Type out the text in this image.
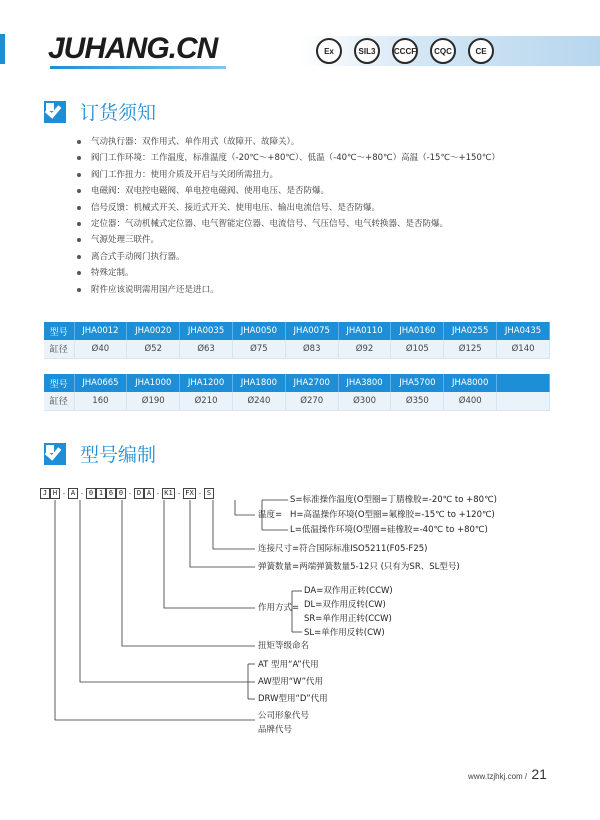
JUHANG.CN	Ex	SIL3	CCCF	CQC	CE
订货须知
气动执行器：双作用式、单作用式（故障开、故障关）。
阀门工作环境：工作温度，标准温度（-20℃～+80℃）、低温（-40℃～+80℃）高温（-15℃～+150℃）
阀门工作扭力：使用介质及开启与关闭所需扭力。
电磁阀：双电控电磁阀、单电控电磁阀、使用电压、是否防爆。
信号反馈：机械式开关、接近式开关、使用电压、输出电流信号、是否防爆。
定位器：气动机械式定位器、电气智能定位器、电流信号、气压信号、电气转换器、是否防爆。
气源处理三联件。
离合式手动阀门执行器。
特殊定制。
附件应该说明需用国产还是进口。
型号	JHA0012	JHA0020	JHA0035	JHA0050	JHA0075	JHA0110	JHA0160	JHA0255	JHA0435
缸径	Ø40	Ø52	Ø63	Ø75	Ø83	Ø92	Ø105	Ø125	Ø140
型号	JHA0665	JHA1000	JHA1200	JHA1800	JHA2700	JHA3800	JHA5700	JHA8000	
缸径	160	Ø190	Ø210	Ø240	Ø270	Ø300	Ø350	Ø400	
型号编制
J H - A - 0 1 6 0 - D A - K1 - FX - S
S=标准操作温度(O型圈=丁腈橡胶=-20℃ to +80℃)
温度= H=高温操作环境(O型圈=氟橡胶=-15℃ to +120℃)
L=低温操作环境(O型圈=硅橡胶=-40℃ to +80℃)
连接尺寸=符合国际标准ISO5211(F05-F25)
弹簧数量=两端弹簧数量5-12只 (只有为SR、SL型号)
DA=双作用正转(CCW)
DL=双作用反转(CW)
作用方式=
SR=单作用正转(CCW)
SL=单作用反转(CW)
扭矩等级命名
AT 型用“A”代用
AW型用“W”代用
DRW型用“D”代用
公司形象代号
品牌代号
www.tzjhkj.com / 21
